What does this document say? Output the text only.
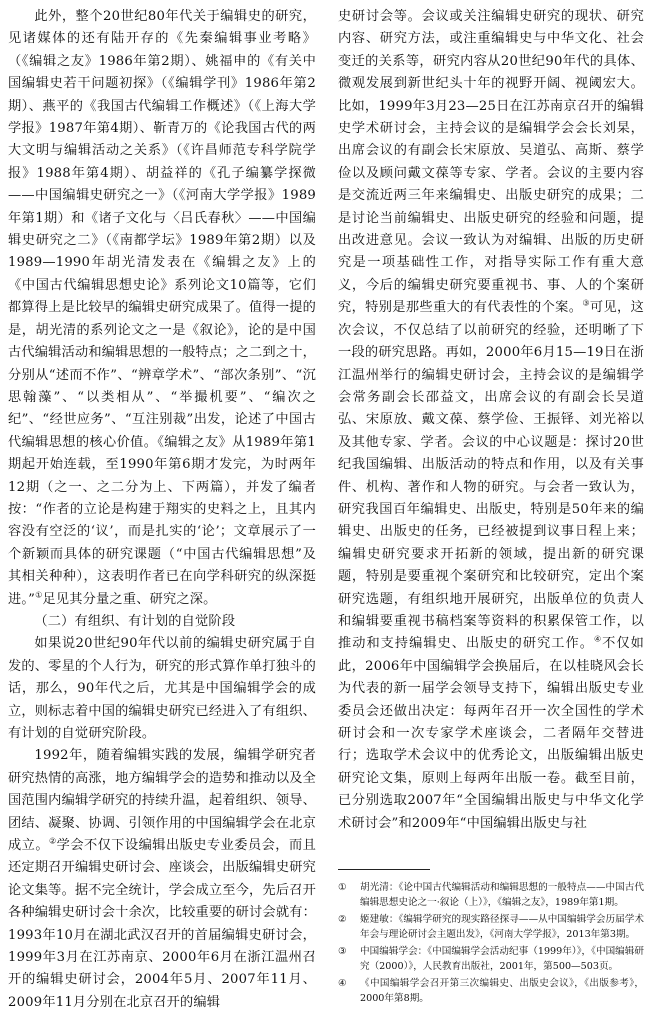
此外，整个20世纪80年代关于编辑史的研究，见诸媒体的还有陆开存的《先秦编辑事业考略》（《编辑之友》1986年第2期）、姚福申的《有关中国编辑史若干问题初探》（《编辑学刊》1986年第2期）、燕平的《我国古代编辑工作概述》（《上海大学学报》1987年第4期）、靳青万的《论我国古代的两大文明与编辑活动之关系》（《许昌师范专科学院学报》1988年第4期）、胡益祥的《孔子编纂学探微——中国编辑史研究之一》（《河南大学学报》1989年第1期）和《诸子文化与〈吕氏春秋〉——中国编辑史研究之二》（《南都学坛》1989年第2期）以及1989—1990年胡光清发表在《编辑之友》上的《中国古代编辑思想史论》系列论文10篇等，它们都算得上是比较早的编辑史研究成果了。值得一提的是，胡光清的系列论文之一是《叙论》，论的是中国古代编辑活动和编辑思想的一般特点；之二到之十，分别从“述而不作”、“辨章学术”、“部次条别”、“沉思翰藻”、“以类相从”、“举撮机要”、“编次之纪”、“经世应务”、“互注别裁”出发，论述了中国古代编辑思想的核心价值。《编辑之友》从1989年第1期起开始连载，至1990年第6期才发完，为时两年12期（之一、之二分为上、下两篇），并发了编者按：“作者的立论是构建于翔实的史料之上，且其内容没有空泛的‘议’，而是扎实的‘论’；文章展示了一个新颖而具体的研究课题（“中国古代编辑思想”及其相关种种），这表明作者已在向学科研究的纵深挺进。”①足见其分量之重、研究之深。

（二）有组织、有计划的自觉阶段

如果说20世纪90年代以前的编辑史研究属于自发的、零星的个人行为，研究的形式算作单打独斗的话，那么，90年代之后，尤其是中国编辑学会的成立，则标志着中国的编辑史研究已经进入了有组织、有计划的自觉研究阶段。

1992年，随着编辑实践的发展，编辑学研究者研究热情的高涨，地方编辑学会的造势和推动以及全国范围内编辑学研究的持续升温，起着组织、领导、团结、凝聚、协调、引领作用的中国编辑学会在北京成立。②学会不仅下设编辑出版史专业委员会，而且还定期召开编辑史研讨会、座谈会，出版编辑史研究论文集等。据不完全统计，学会成立至今，先后召开各种编辑史研讨会十余次，比较重要的研讨会就有：1993年10月在湖北武汉召开的首届编辑史研讨会，1999年3月在江苏南京、2000年6月在浙江温州召开的编辑史研讨会，2004年5月、2007年11月、2009年11月分别在北京召开的编辑

史研讨会等。会议或关注编辑史研究的现状、研究内容、研究方法，或注重编辑史与中华文化、社会变迁的关系等，研究内容从20世纪90年代的具体、微观发展到新世纪头十年的视野开阔、视阈宏大。比如，1999年3月23—25日在江苏南京召开的编辑史学术研讨会，主持会议的是编辑学会会长刘杲，出席会议的有副会长宋原放、吴道弘、高斯、蔡学俭以及顾问戴文葆等专家、学者。会议的主要内容是交流近两三年来编辑史、出版史研究的成果；二是讨论当前编辑史、出版史研究的经验和问题，提出改进意见。会议一致认为对编辑、出版的历史研究是一项基础性工作，对指导实际工作有重大意义，今后的编辑史研究要重视书、事、人的个案研究，特别是那些重大的有代表性的个案。③可见，这次会议，不仅总结了以前研究的经验，还明晰了下一段的研究思路。再如，2000年6月15—19日在浙江温州举行的编辑史研讨会，主持会议的是编辑学会常务副会长邵益文，出席会议的有副会长吴道弘、宋原放、戴文葆、蔡学俭、王振铎、刘光裕以及其他专家、学者。会议的中心议题是：探讨20世纪我国编辑、出版活动的特点和作用，以及有关事件、机构、著作和人物的研究。与会者一致认为，研究我国百年编辑史、出版史，特别是50年来的编辑史、出版史的任务，已经被提到议事日程上来；编辑史研究要求开拓新的领域，提出新的研究课题，特别是要重视个案研究和比较研究，定出个案研究选题，有组织地开展研究，出版单位的负责人和编辑要重视书稿档案等资料的积累保管工作，以推动和支持编辑史、出版史的研究工作。④不仅如此，2006年中国编辑学会换届后，在以桂晓风会长为代表的新一届学会领导支持下，编辑出版史专业委员会还做出决定：每两年召开一次全国性的学术研讨会和一次专家学术座谈会，二者隔年交替进行；选取学术会议中的优秀论文，出版编辑出版史研究论文集，原则上每两年出版一卷。截至目前，已分别选取2007年“全国编辑出版史与中华文化学术研讨会”和2009年“中国编辑出版史与社

①	胡光清：《论中国古代编辑活动和编辑思想的一般特点——中国古代编辑思想史论之一·叙论（上）》，《编辑之友》，1989年第1期。
②	姬建敏：《编辑学研究的现实路径探寻——从中国编辑学会历届学术年会与理论研讨会主题出发》，《河南大学学报》，2013年第3期。
③	中国编辑学会：《中国编辑学会活动纪事（1999年）》，《中国编辑研究（2000）》，人民教育出版社，2001年，第500—503页。
④	《中国编辑学会召开第三次编辑史、出版史会议》，《出版参考》，2000年第8期。
